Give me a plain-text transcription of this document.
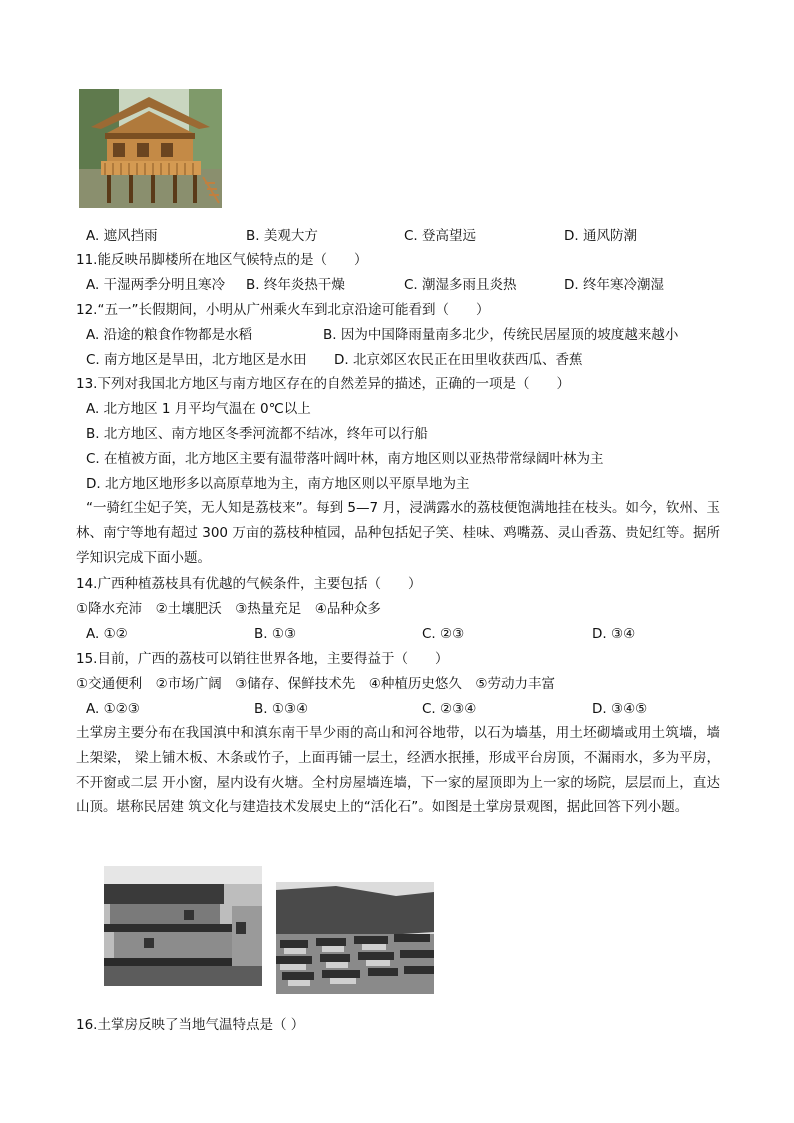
A. 遮风挡雨	B. 美观大方	C. 登高望远	D. 通风防潮
11.能反映吊脚楼所在地区气候特点的是（　　）
A. 干湿两季分明且寒冷 B. 终年炎热干燥	C. 潮湿多雨且炎热	D. 终年寒冷潮湿
12.“五一”长假期间，小明从广州乘火车到北京沿途可能看到（　　）
A. 沿途的粮食作物都是水稻	B. 因为中国降雨量南多北少，传统民居屋顶的坡度越来越小
C. 南方地区是旱田，北方地区是水田 D. 北京郊区农民正在田里收获西瓜、香蕉
13.下列对我国北方地区与南方地区存在的自然差异的描述，正确的一项是（　　）
A. 北方地区 1 月平均气温在 0℃以上
B. 北方地区、南方地区冬季河流都不结冰，终年可以行船
C. 在植被方面，北方地区主要有温带落叶阔叶林，南方地区则以亚热带常绿阔叶林为主
D. 北方地区地形多以高原草地为主，南方地区则以平原旱地为主
“一骑红尘妃子笑，无人知是荔枝来”。每到 5—7 月，浸满露水的荔枝便饱满地挂在枝头。如今，钦州、玉林、南宁等地有超过 300 万亩的荔枝种植园，品种包括妃子笑、桂味、鸡嘴荔、灵山香荔、贵妃红等。据所学知识完成下面小题。
14.广西种植荔枝具有优越的气候条件，主要包括（　　）
①降水充沛　②土壤肥沃　③热量充足　④品种众多
A. ①②	B. ①③	C. ②③	D. ③④
15.目前，广西的荔枝可以销往世界各地，主要得益于（　　）
①交通便利　②市场广阔　③储存、保鲜技术先　④种植历史悠久　⑤劳动力丰富
A. ①②③	B. ①③④	C. ②③④	D. ③④⑤
土掌房主要分布在我国滇中和滇东南干旱少雨的高山和河谷地带，以石为墙基，用土坯砌墙或用土筑墙，墙上架梁， 梁上铺木板、木条或竹子，上面再铺一层土，经洒水抿捶，形成平台房顶，不漏雨水，多为平房，不开窗或二层 开小窗，屋内设有火塘。全村房屋墙连墙，下一家的屋顶即为上一家的场院，层层而上，直达山顶。堪称民居建 筑文化与建造技术发展史上的“活化石”。如图是土掌房景观图，据此回答下列小题。
16.土掌房反映了当地气温特点是（ ）
